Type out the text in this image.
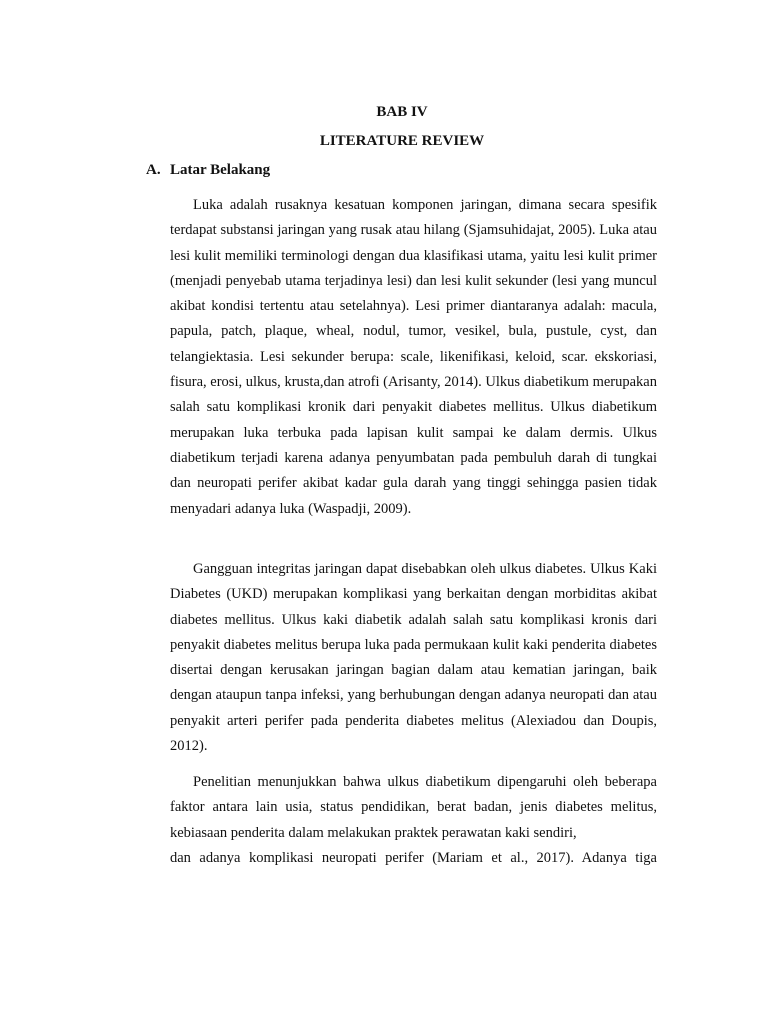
BAB IV
LITERATURE REVIEW
A. Latar Belakang

Luka adalah rusaknya kesatuan komponen jaringan, dimana secara spesifik terdapat substansi jaringan yang rusak atau hilang (Sjamsuhidajat, 2005). Luka atau lesi kulit memiliki terminologi dengan dua klasifikasi utama, yaitu lesi kulit primer (menjadi penyebab utama terjadinya lesi) dan lesi kulit sekunder (lesi yang muncul akibat kondisi tertentu atau setelahnya). Lesi primer diantaranya adalah: macula, papula, patch, plaque, wheal, nodul, tumor, vesikel, bula, pustule, cyst, dan telangiektasia. Lesi sekunder berupa: scale, likenifikasi, keloid, scar. ekskoriasi, fisura, erosi, ulkus, krusta,dan atrofi (Arisanty, 2014). Ulkus diabetikum merupakan salah satu komplikasi kronik dari penyakit diabetes mellitus. Ulkus diabetikum merupakan luka terbuka pada lapisan kulit sampai ke dalam dermis. Ulkus diabetikum terjadi karena adanya penyumbatan pada pembuluh darah di tungkai dan neuropati perifer akibat kadar gula darah yang tinggi sehingga pasien tidak menyadari adanya luka (Waspadji, 2009).

Gangguan integritas jaringan dapat disebabkan oleh ulkus diabetes. Ulkus Kaki Diabetes (UKD) merupakan komplikasi yang berkaitan dengan morbiditas akibat diabetes mellitus. Ulkus kaki diabetik adalah salah satu komplikasi kronis dari penyakit diabetes melitus berupa luka pada permukaan kulit kaki penderita diabetes disertai dengan kerusakan jaringan bagian dalam atau kematian jaringan, baik dengan ataupun tanpa infeksi, yang berhubungan dengan adanya neuropati dan atau penyakit arteri perifer pada penderita diabetes melitus (Alexiadou dan Doupis, 2012).

Penelitian menunjukkan bahwa ulkus diabetikum dipengaruhi oleh beberapa faktor antara lain usia, status pendidikan, berat badan, jenis diabetes melitus, kebiasaan penderita dalam melakukan praktek perawatan kaki sendiri,
dan adanya komplikasi neuropati perifer (Mariam et al., 2017). Adanya tiga
